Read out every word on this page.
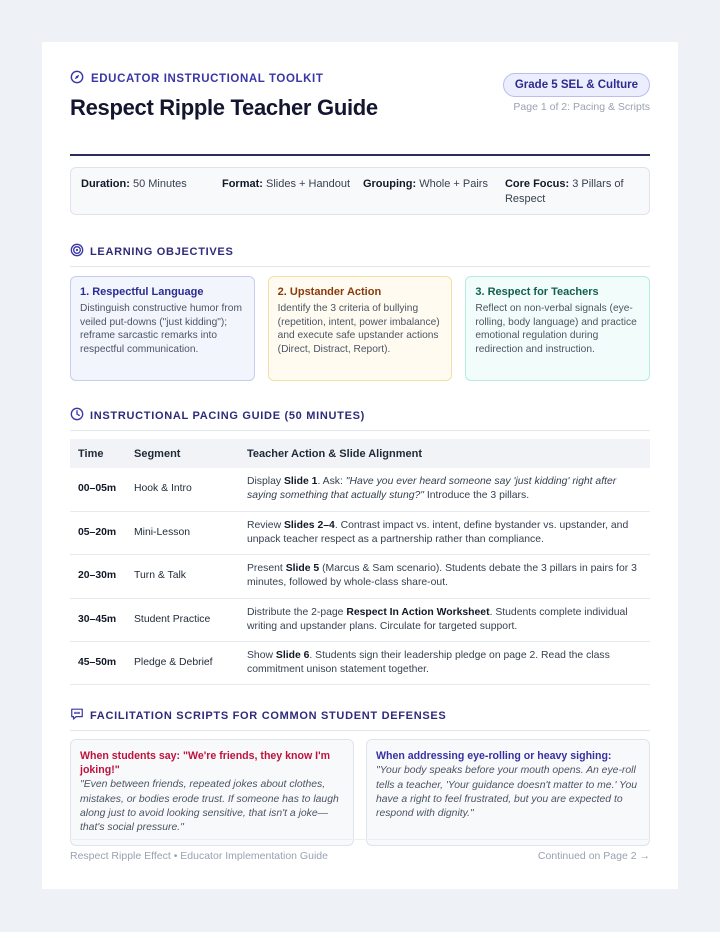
EDUCATOR INSTRUCTIONAL TOOLKIT
Respect Ripple Teacher Guide
Grade 5 SEL & Culture
Page 1 of 2: Pacing & Scripts
Duration: 50 Minutes	Format: Slides + Handout	Grouping: Whole + Pairs	Core Focus: 3 Pillars of Respect
LEARNING OBJECTIVES
1. Respectful Language

Distinguish constructive humor from veiled put-downs ("just kidding"); reframe sarcastic remarks into respectful communication.

2. Upstander Action

Identify the 3 criteria of bullying (repetition, intent, power imbalance) and execute safe upstander actions (Direct, Distract, Report).

3. Respect for Teachers

Reflect on non-verbal signals (eye-rolling, body language) and practice emotional regulation during redirection and instruction.

INSTRUCTIONAL PACING GUIDE (50 MINUTES)
Time	Segment	Teacher Action & Slide Alignment
00–05m	Hook & Intro	Display Slide 1. Ask: "Have you ever heard someone say 'just kidding' right after saying something that actually stung?" Introduce the 3 pillars.
05–20m	Mini-Lesson	Review Slides 2–4. Contrast impact vs. intent, define bystander vs. upstander, and unpack teacher respect as a partnership rather than compliance.
20–30m	Turn & Talk	Present Slide 5 (Marcus & Sam scenario). Students debate the 3 pillars in pairs for 3 minutes, followed by whole-class share-out.
30–45m	Student Practice	Distribute the 2-page Respect In Action Worksheet. Students complete individual writing and upstander plans. Circulate for targeted support.
45–50m	Pledge & Debrief	Show Slide 6. Students sign their leadership pledge on page 2. Read the class commitment unison statement together.
FACILITATION SCRIPTS FOR COMMON STUDENT DEFENSES
When students say: "We're friends, they know I'm joking!"

"Even between friends, repeated jokes about clothes, mistakes, or bodies erode trust. If someone has to laugh along just to avoid looking sensitive, that isn't a joke—that's social pressure."

When addressing eye-rolling or heavy sighing:

"Your body speaks before your mouth opens. An eye-roll tells a teacher, 'Your guidance doesn't matter to me.' You have a right to feel frustrated, but you are expected to respond with dignity."

Respect Ripple Effect • Educator Implementation Guide	Continued on Page 2 →
